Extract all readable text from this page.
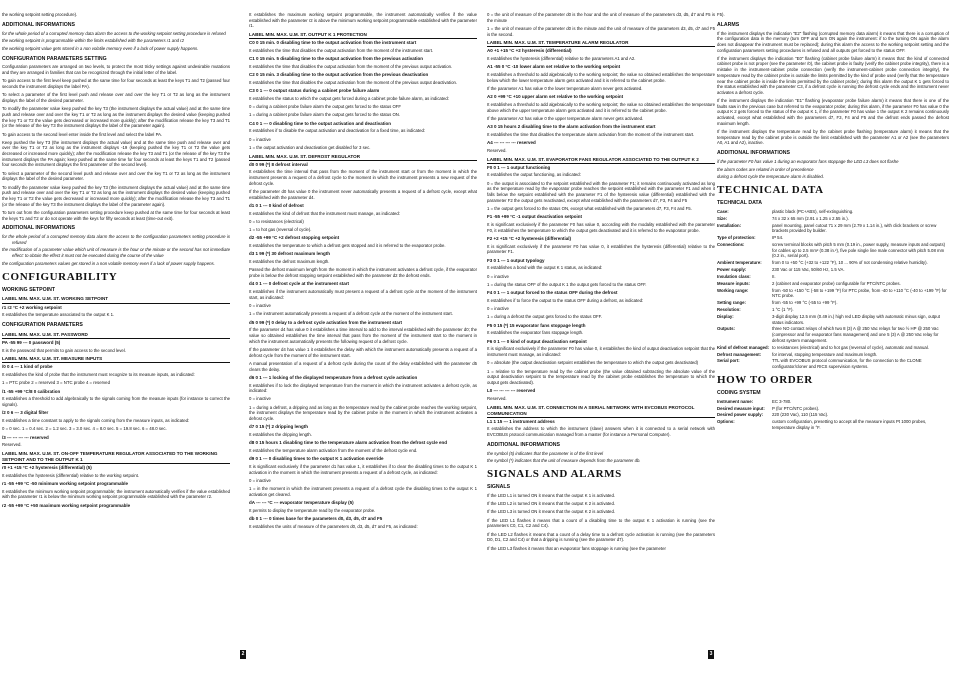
the working setpoint setting procedure).

ADDITIONAL INFORMATIONS

for the whole period of a corrupted memory data alarm the access to the working setpoint setting procedure is refused

the working setpoint is programmable within the limits established with the parameters r1 and r2

the working setpoint value gets stored in a non volatile memory even if a lack of power supply happens.

CONFIGURATION PARAMETERS SETTING

Configuration parameters are arranged on two levels, to protect the most tricky settings against undesirable mutations and they are arranged in families that can be recognized through the initial letter of the label.

To gain access to the first level keep pushed at the same time for four seconds at least the keys T1 and T2 (passed four seconds the instrument displays the label PA).

To select a parameter of the first level push and release over and over the key T1 or T2 as long as the instrument displays the label of the desired parameter.

To modify the parameter value keep pushed the key T3 (the instrument displays the actual value) and at the same time push and release over and over the key T1 or T2 as long as the instrument displays the desired value (keeping pushed the key T1 or T2 the value gets decreased or increased more quickly); after the modification release the key T3 and T1 (or the release of the key T3 the instrument displays the label of the parameter again).

To gain access to the second level enter inside the first level and select the label PA.

Keep pushed the key T3 (the instrument displays the actual value) and at the same time push and release over and over the key T1 or T2 as long as the instrument displays -19 (keeping pushed the key T1 or T2 the value gets decreased or increased more quickly); after the modification release the key T3 and T1 (or the release of the key T3 the instrument displays the PA again; keep pushed at the same time for four seconds at least the keys T1 and T2 (passed four seconds the instrument displays the first parameter of the second level).

To select a parameter of the second level push and release over and over the key T1 or T2 as long as the instrument displays the label of the desired parameter.

To modify the parameter value keep pushed the key T3 (the instrument displays the actual value) and at the same time push and release over and over the key T1 or T2 as long as the instrument displays the desired value (keeping pushed the key T1 or T2 the value gets decreased or increased more quickly); after the modification release the key T3 and T1 (or the release of the key T3 the instrument displays the label of the parameter again).

To turn out from the configuration parameters setting procedure keep pushed at the same time for four seconds at least the keys T1 and T2 or do not operate with the keys for fifty seconds at least (time-out exit).

ADDITIONAL INFORMATIONS

for the whole period of a corrupted memory data alarm the access to the configuration parameters setting procedure is refused

the modification of a parameter value which unit of measure is the hour or the minute or the second has not immediate effect: to obtain the effect it must not be executed during the course of the value

the configuration parameters values get stored in a non volatile memory even if a lack of power supply happens.

CONFIGURABILITY
WORKING SETPOINT
LABEL MIN. MAX. U.M. ST. WORKING SETPOINT
r1 r2 °C +2 working setpoint

It establishes the temperature associated to the output K 1.

CONFIGURATION PARAMETERS
LABEL MIN. MAX. U.M. ST. PASSWORD
PA -55 99 --- 0 password (5)

It is the password that permits to gain access to the second level.

LABEL MIN. MAX. U.M. ST. MEASURE INPUTS
/0 0 4 --- 1 kind of probe

It establishes the kind of probe that the instrument must recognize to its measure inputs, as indicated:

1 = PTC probe 2 = reserved 3 = NTC probe 4 = reserved

/1 -55 +99 °C/8 0 calibration

It establishes a threshold to add algebraically to the signals coming from the measure inputs (for instance to correct the signals).

/2 0 6 --- 3 digital filter

It establishes a time constant to apply to the signals coming from the measure inputs, as indicated:

0 = 0 sec. 1 = 0.4 sec. 2 = 1.2 sec. 3 = 3.0 sec. 4 = 8.0 sec. 5 = 19.8 sec. 6 = 48.0 sec.

/3 --- --- --- --- reserved

Reserved.

LABEL MIN. MAX. U.M. ST. ON-OFF TEMPERATURE REGULATOR ASSOCIATED TO THE WORKING SETPOINT AND TO THE OUTPUT K 1
r0 +1 +15 °C +2 hysteresis (differential) (5)

It establishes the hysteresis (differential) relative to the working setpoint.

r1 -55 +99 °C -50 minimum working setpoint programmable

It establishes the minimum working setpoint programmable; the instrument automatically verifies if the value established with the parameter r1 is below the minimum working setpoint programmable established with the parameter r2.

r2 -55 +99 °C +50 maximum working setpoint programmable

It establishes the maximum working setpoint programmable, the instrument automatically verifies if the value established with the parameter r2 is above the minimum working setpoint programmable established with the parameter r1.

LABEL MIN. MAX. U.M. ST. OUTPUT K 1 PROTECTION
C0 0 15 min. 0 disabling time to the output activation from the instrument start

It establishes the time that disables the output activation from the moment of the instrument start.

C1 0 15 min. 5 disabling time to the output activation from the previous activation

It establishes the time that disables the output activation from the moment of the previous output activation.

C2 0 15 min. 3 disabling time to the output activation from the previous deactivation

It establishes the time that disables the output activation from the moment of the previous output deactivation.

C3 0 1 --- 0 output status during a cabinet probe failure alarm

It establishes the status to which the output gets forced during a cabinet probe failure alarm, as indicated:

0 = during a cabinet probe failure alarm the output gets forced to the status OFF

1 = during a cabinet probe failure alarm the output gets forced to the status ON.

C4 0 1 --- 0 disabling time to the output activation and deactivation

It establishes if to disable the output activation and deactivation for a fixed time, as indicated:

0 = inactive

1 = the output activation and deactivation get disabled for 3 sec.

LABEL MIN. MAX. U.M. ST. DEFROST REGULATOR
d0 0 99 (*) 8 defrost interval

It establishes the time interval that pass from the moment of the instrument start or from the moment in which the instrument presents a request of a defrost cycle to the moment in which the instrument presents a new request of the defrost cycle.

If the parameter d0 has value 0 the instrument never automatically presents a request of a defrost cycle, except what established with the parameter d4.

d1 0 1 --- 0 kind of defrost

It establishes the kind of defrost that the instrument must manage, as indicated:

0 = to resistances (electrical)

1 = to hot gas (reversal of cycle).

d2 -55 +99 °C +2 defrost stopping setpoint

It establishes the temperature to which a defrost gets stopped and it is referred to the evaporator probe.

d3 1 99 (*) 30 defrost maximum length

It establishes the defrost maximum length.

Passed the defrost maximum length from the moment in which the instrument activates a defrost cycle, if the evaporator probe is below the defrost stopping setpoint established with the parameter d2 the defrost ends.

d4 0 1 --- 0 defrost cycle at the instrument start

It establishes if the instrument automatically must present a request of a defrost cycle at the moment of the instrument start, as indicated:

0 = inactive

1 = the instrument automatically presents a request of a defrost cycle at the moment of the instrument start.

d5 0 99 (*) 0 delay to a defrost cycle activation from the instrument start

If the parameter d4 has value 0 it establishes a time interval to add to the interval established with the parameter d0; the value so obtained establishes the time interval that pass from the moment of the instrument start to the moment in which the instrument automatically presents the following request of a defrost cycle.

If the parameter d4 has value 1 it establishes the delay with which the instrument automatically presents a request of a defrost cycle from the moment of the instrument start.

A manual presentation of a request of a defrost cycle during the count of the delay established with the parameter d5 clears the delay.

d6 0 1 --- 1 locking of the displayed temperature from a defrost cycle activation

It establishes if to lock the displayed temperature from the moment in which the instrument activates a defrost cycle, as indicated:

0 = inactive

1 = during a defrost, a dripping and as long as the temperature read by the cabinet probe reaches the working setpoint, the instrument displays the temperature read by the cabinet probe in the moment in which the instrument activates a defrost cycle.

d7 0 15 (*) 2 dripping length

It establishes the dripping length.

d8 0 15 hours 1 disabling time to the temperature alarm activation from the defrost cycle end

It establishes the temperature alarm activation from the moment of the defrost cycle end.

d9 0 1 --- 0 disabling times to the output K 1 activation override

It is significant exclusively if the parameter d1 has value 1, it establishes if to clear the disabling times to the output K 1 activation in the moment in which the instrument presents a request of a defrost cycle, as indicated:

0 = inactive

1 = in the moment in which the instrument presents a request of a defrost cycle the disabling times to the output K 1 activation get cleared.

dA --- --- °C --- evaporator temperature display (5)

It permits to display the temperature read by the evaporator probe.

db 0 1 --- 0 times base for the parameters d0, d3, d5, d7 and F5

It establishes the units of measure of the parameters d0, d3, d5, d7 and F5, as indicated:

0 = the unit of measure of the parameter d0 is the hour and the unit of measure of the parameters d3, d5, d7 and F5 is the minute

1 = the unit of measure of the parameter d0 is the minute and the unit of measure of the parameters d3, d5, d7 and F5 is the second.

LABEL MIN. MAX. U.M. ST. TEMPERATURE ALARM REGULATOR
A0 +1 +15 °C +2 hysteresis (differential)

It establishes the hysteresis (differential) relative to the parameters A1 and A2.

A1 -55 0 °C -10 lower alarm set relative to the working setpoint

It establishes a threshold to add algebraically to the working setpoint; the value so obtained establishes the temperature below which the lower temperature alarm gets activated and it is referred to the cabinet probe.

If the parameter A1 has value 0 the lower temperature alarm never gets activated.

A2 0 +99 °C +10 upper alarm set relative to the working setpoint

It establishes a threshold to add algebraically to the working setpoint; the value so obtained establishes the temperature above which the upper temperature alarm gets activated and it is referred to the cabinet probe.

If the parameter A2 has value 0 the upper temperature alarm never gets activated.

A3 0 15 hours 2 disabling time to the alarm activation from the instrument start

It establishes the time that disables the temperature alarm activation from the moment of the instrument start.

A4 --- --- --- --- reserved

Reserved.

LABEL MIN. MAX. U.M. ST. EVAPORATOR FANS REGULATOR ASSOCIATED TO THE OUTPUT K 2
F0 0 1 --- 1 output functioning

It establishes the output functioning, as indicated:

0 = the output is associated to the setpoint established with the parameter F1; it remains continuously activated as long as the temperature read by the evaporator probe reaches the setpoint established with the parameter F1 and when it falls below the setpoint established with the parameter F1 of the hysteresis value (differential) established with the parameter F2 the output gets reactivated, except what established with the parameters d7, F3, F4 and F5

1 = the output gets forced to the status ON, except what established with the parameters d7, F3, F4 and F5.

F1 -55 +99 °C -1 output deactivation setpoint

It is significant exclusively if the parameter F0 has value 0, according with the modality established with the parameter F0, it establishes the temperature to which the output gets deactivated and it is referred to the evaporator probe.

F2 +2 +15 °C +2 hysteresis (differential)

It is significant exclusively if the parameter F0 has value 0, it establishes the hysteresis (differential) relative to the parameter F1.

F3 0 1 --- 1 output typology

It establishes a bond with the output K 1 status, as indicated:

0 = inactive

1 = during the status OFF of the output K 1 the output gets forced to the status OFF.

F4 0 1 --- 1 output forced to the status OFF during the defrost

It establishes if to force the output to the status OFF during a defrost, as indicated:

0 = inactive

1 = during a defrost the output gets forced to the status OFF.

F5 0 15 (*) 15 evaporator fans stoppage length

It establishes the evaporator fans stoppage length.

F6 0 1 --- 0 kind of output deactivation setpoint

It is significant exclusively if the parameter F0 has value 0, it establishes the kind of output deactivation setpoint that the instrument must manage, as indicated:

0 = absolute (the output deactivation setpoint establishes the temperature to which the output gets deactivated)

1 = relative to the temperature read by the cabinet probe (the value obtained subtracting the absolute value of the output deactivation setpoint to the temperature read by the cabinet probe establishes the temperature to which the output gets deactivated).

L0 --- --- --- --- reserved

Reserved.

LABEL MIN. MAX. U.M. ST. CONNECTION IN A SERIAL NETWORK WITH EVCOBUS PROTOCOL COMMUNICATION
L1 1 15 --- 1 instrument address

It establishes the address to which the instrument (slave) answers when it is connected to a serial network with EVCOBUS protocol communication managed from a master (for instance a Personal Computer).

ADDITIONAL INFORMATIONS

the symbol (5) indicates that the parameter is of the first level

the symbol (*) indicates that the unit of measure depends from the parameter db.

SIGNALS AND ALARMS
SIGNALS

If the LED L1 is turned ON it means that the output K 1 is activated.

If the LED L2 is turned ON it means that the output K 2 is activated.

If the LED L3 is turned ON it means that the output K 2 is activated.

If the LED L1 flashes it means that a count of a disabling time to the output K 1 activation is running (see the parameters C0, C1, C2 and C4).

If the LED L2 flashes it means that a count of a delay time to a defrost cycle activation is running (see the parameters D0, D1, C2 and C4) or that a dripping is running (see the parameter d7).

If the LED L3 flashes it means that an evaporator fans stoppage is running (see the parameter

F5).

ALARMS

If the instrument displays the indication "E2" flashing (corrupted memory data alarm) it means that there is a corruption of the configuration data in the memory (turn OFF and turn ON again the instrument: if to the turning ON again the alarm does not disappear the instrument must be replaced); during this alarm the access to the working setpoint setting and the configuration parameters setting procedures is refused and all outputs get forced to the status OFF.

If the instrument displays the indication "E0" flashing (cabinet probe failure alarm) it means that: the kind of connected cabinet probe is not proper (see the parameter /0), the cabinet probe is faulty (verify the cabinet probe integrity), there is a mistake in the instrument-cabinet probe connection (verify the instrument-cabinet probe connection integrity), the temperature read by the cabinet probe is outside the limits permitted by the kind of probe used (verify that the temperature near the cabinet probe is inside the limits permitted by the cabinet probe); during this alarm the output K 1 gets forced to the status established with the parameter C3, if a defrost cycle is running the defrost cycle ends and the instrument never activates a defrost cycle.

If the instrument displays the indication "E1" flashing (evaporator probe failure alarm) it means that there is one of the faults saw in the previous case but referred to the evaporator probe; during this alarm, if the parameter F0 has value 0 the output K 2 gets forced to the status of the output K 1, if the parameter F0 has value 1 the output K 2 remains continuously activated, except what established with the parameters d7, F3, F4 and F5 and the defrost ends passed the defrost maximum length.

If the instrument displays the temperature read by the cabinet probe flashing (temperature alarm) it means that the temperature read by the cabinet probe is outside the limit established with the parameter A1 or A2 (see the parameters A0, A1 and A2), inactive.

ADDITIONAL INFORMATIONS

if the parameter F0 has value 1 during an evaporator fans stoppage the LED L3 does not flashe

the alarm codes are related in order of precedence

during a defrost cycle the temperature alarm is disabled.

TECHNICAL DATA
TECHNICAL DATA
Case:	plastic black (PC+ABS), self-extinguishing.
Size:	74 x 32 x 65 mm (2.91 x 1.25 x 2.55 in.).
Installation:	panel mounting, panel cutout 71 x 29 mm (2.79 x 1.14 in.), with click brackets or screw brackets provided by builder.
Type of protection:	IP 54.
Connections:	screw terminal blocks with pitch 5 mm (0.19 in., power supply, measure inputs and outputs) for cables up to 2.5 mm² (0.38 in.²), five pole single line male connector with pitch 5.08 mm (0.2 in., serial port).
Ambient temperature:	from 0 to +50 °C (+32 to +122 °F), 10 ... 90% of not condensing relative humidity).
Power supply:	230 Vac or 115 Vac, 50/60 Hz, 1.5 VA.
Insulation class:	II.
Measure inputs:	2 (cabinet and evaporator probe) configurable for PTC/NTC probes.
Working range:	from -50 to +150 °C (-58 to +199 °F) for PTC probe, from -40 to +110 °C (-40 to +199 °F) for NTC probe.
Setting range:	from -55 to +99 °C (-55 to +99 °F).
Resolution:	1 °C (1 °F).
Display:	3-digit display 12.5 mm (0.49 in.) high red LED display with automatic minus sign, output status indicators.
Outputs:	three NO contact relays of which two 8 (3) A @ 250 Vac relays for two ½ HP @ 250 Vac (compressor and for evaporator fans management) and one 5 (3) A @ 250 Vac relay for defrost system management.
Kind of defrost managed: to resistances (electrical) and to hot gas (reversal of cycle), automatic and manual.
Defrost management:	for interval, stopping temperature and maximum length.
Serial port:	TTL with EVCOBUS protocol communication, for the connection to the CLONE configurator/cloner and RICS supervision systems.
HOW TO ORDER
CODING SYSTEM
Instrument name:	EC 3-780.
Desired measure input:	P (for PTC/NTC probes).
Desired power supply:	220 (230 Vac), 110 (115 Vac).
Options:	custom configuration, presetting to accept all the measure inputs Pt 1000 probes, temperature display in °F.
2	3
